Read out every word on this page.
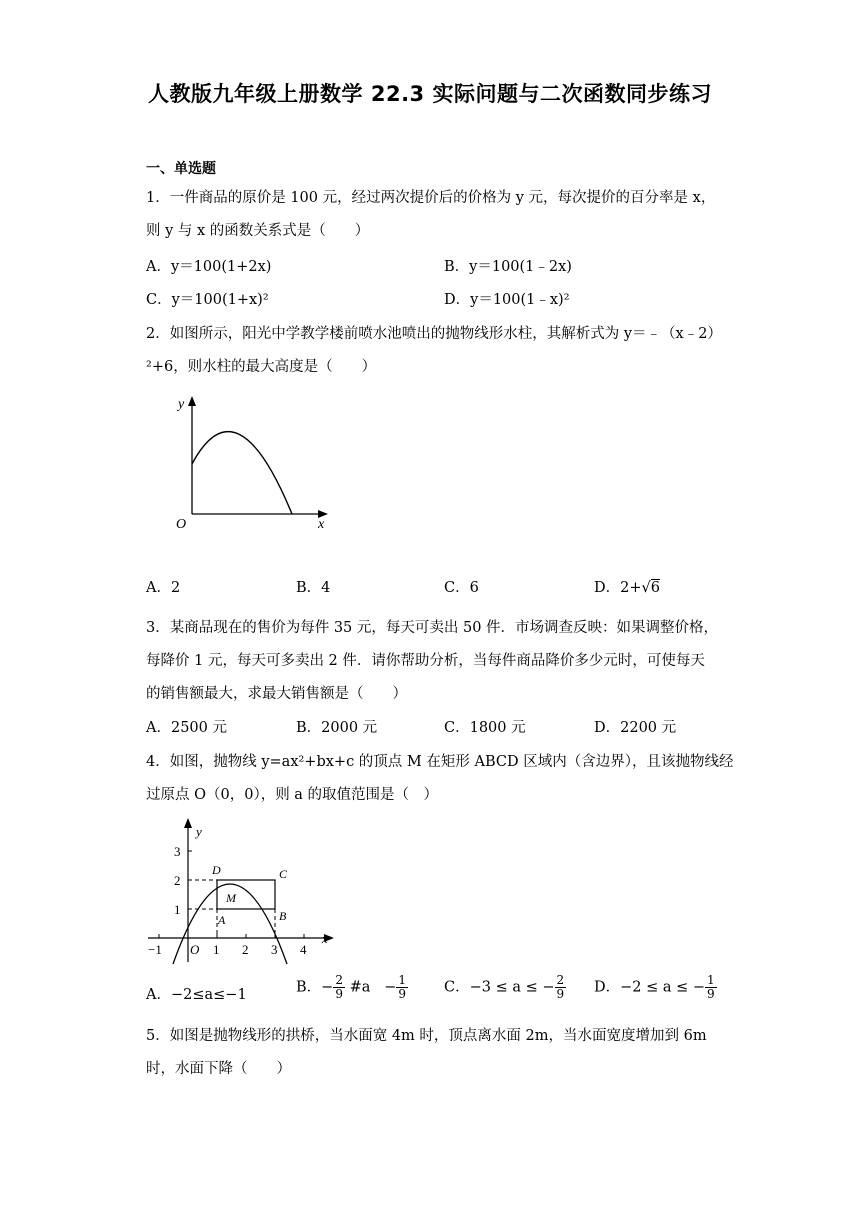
人教版九年级上册数学 22.3 实际问题与二次函数同步练习
一、单选题
1．一件商品的原价是 100 元，经过两次提价后的价格为 y 元，每次提价的百分率是 x，
则 y 与 x 的函数关系式是（　　）
A．y＝100(1+2x)	B．y＝100(1﹣2x)
C．y＝100(1+x)²	D．y＝100(1﹣x)²
2．如图所示，阳光中学教学楼前喷水池喷出的抛物线形水柱，其解析式为 y＝﹣（x﹣2）
²+6，则水柱的最大高度是（　　）
y
x
O
A．2	B．4	C．6	D．2+√6
3．某商品现在的售价为每件 35 元，每天可卖出 50 件．市场调查反映：如果调整价格，
每降价 1 元，每天可多卖出 2 件．请你帮助分析，当每件商品降价多少元时，可使每天
的销售额最大，求最大销售额是（　　）
A．2500 元	B．2000 元	C．1800 元	D．2200 元
4．如图，抛物线 y=ax²+bx+c 的顶点 M 在矩形 ABCD 区域内（含边界），且该抛物线经
过原点 O（0，0），则 a 的取值范围是（　）
−1 O 1 2 3 4
x
1
2
3
y
A	B
C
D
M
A．−2≤a≤−1	B．− $\frac{2}{9}$ #a − $\frac{1}{9}$ C．−3 ≤ a ≤ − $\frac{2}{9}$ D．−2 ≤ a ≤ − $\frac{1}{9}$
5．如图是抛物线形的拱桥，当水面宽 4m 时，顶点离水面 2m，当水面宽度增加到 6m
时，水面下降（　　）
